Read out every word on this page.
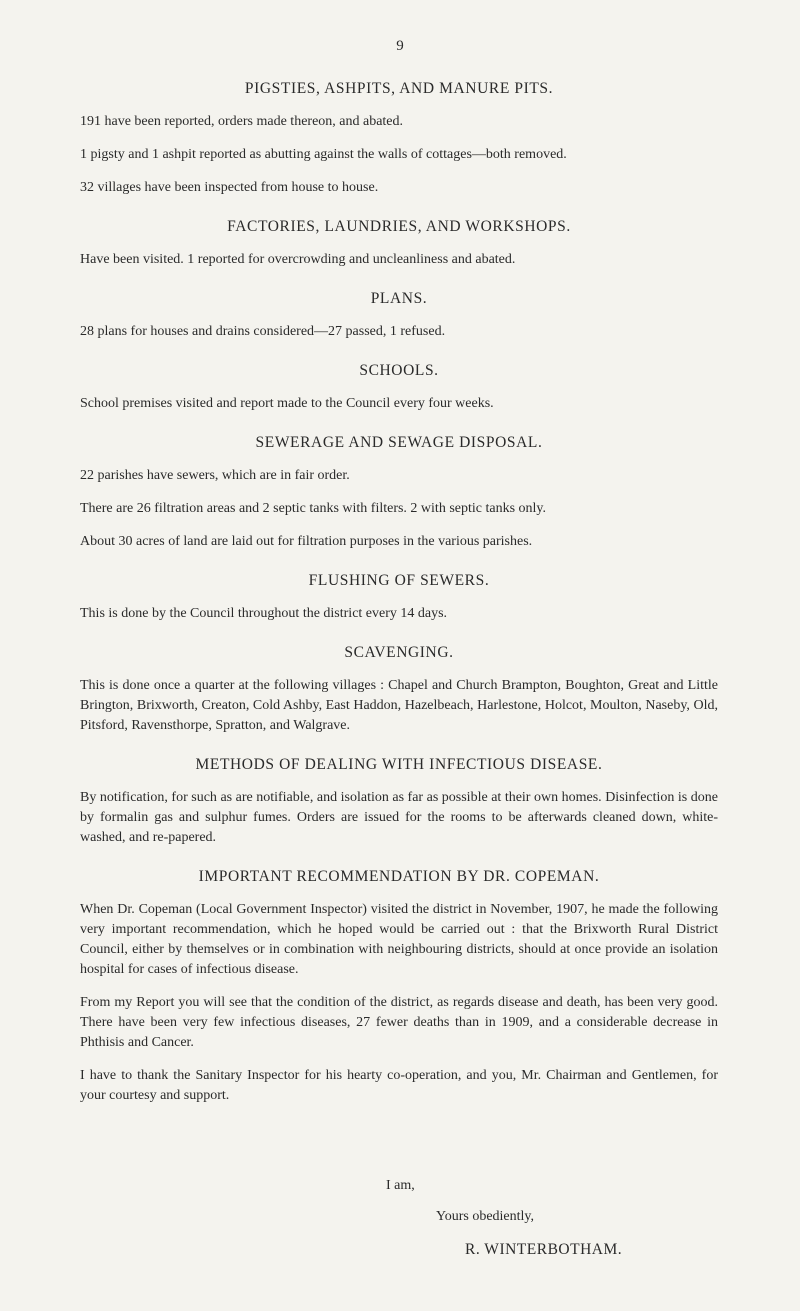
9
PIGSTIES, ASHPITS, AND MANURE PITS.

191 have been reported, orders made thereon, and abated.

1 pigsty and 1 ashpit reported as abutting against the walls of cottages—both removed.

32 villages have been inspected from house to house.

FACTORIES, LAUNDRIES, AND WORKSHOPS.

Have been visited. 1 reported for overcrowding and uncleanliness and abated.

PLANS.

28 plans for houses and drains considered—27 passed, 1 refused.

SCHOOLS.

School premises visited and report made to the Council every four weeks.

SEWERAGE AND SEWAGE DISPOSAL.

22 parishes have sewers, which are in fair order.

There are 26 filtration areas and 2 septic tanks with filters. 2 with septic tanks only.

About 30 acres of land are laid out for filtration purposes in the various parishes.

FLUSHING OF SEWERS.

This is done by the Council throughout the district every 14 days.

SCAVENGING.

This is done once a quarter at the following villages : Chapel and Church Brampton, Boughton, Great and Little Brington, Brixworth, Creaton, Cold Ashby, East Haddon, Hazelbeach, Harlestone, Holcot, Moulton, Naseby, Old, Pitsford, Ravensthorpe, Spratton, and Walgrave.

METHODS OF DEALING WITH INFECTIOUS DISEASE.

By notification, for such as are notifiable, and isolation as far as possible at their own homes. Disinfection is done by formalin gas and sulphur fumes. Orders are issued for the rooms to be afterwards cleaned down, white-washed, and re-papered.

IMPORTANT RECOMMENDATION BY DR. COPEMAN.

When Dr. Copeman (Local Government Inspector) visited the district in November, 1907, he made the following very important recommendation, which he hoped would be carried out : that the Brixworth Rural District Council, either by themselves or in combination with neighbouring districts, should at once provide an isolation hospital for cases of infectious disease.

From my Report you will see that the condition of the district, as regards disease and death, has been very good. There have been very few infectious diseases, 27 fewer deaths than in 1909, and a considerable decrease in Phthisis and Cancer.

I have to thank the Sanitary Inspector for his hearty co-operation, and you, Mr. Chairman and Gentlemen, for your courtesy and support.

I am,
Yours obediently,
R. WINTERBOTHAM.
